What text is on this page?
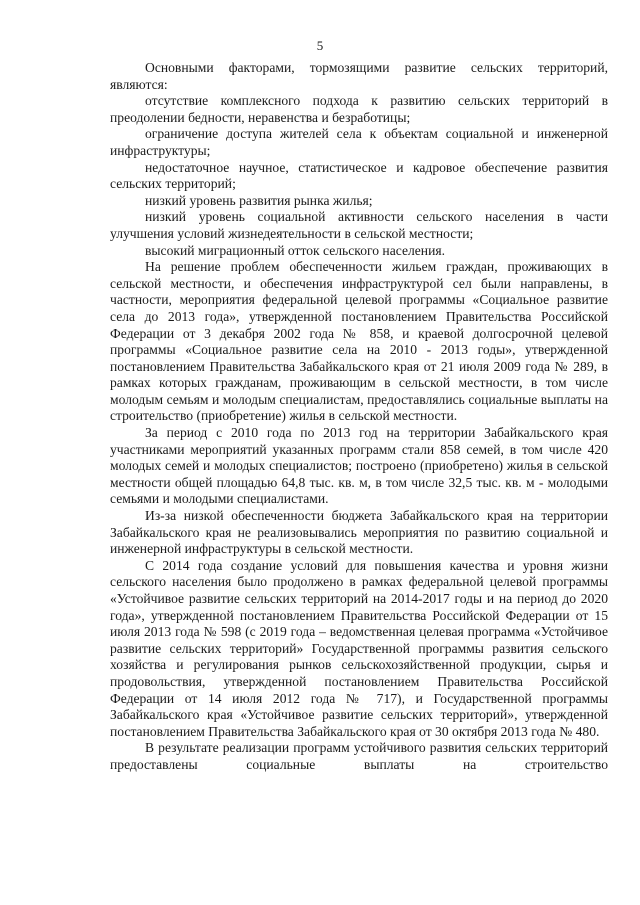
5

Основными факторами, тормозящими развитие сельских территорий, являются:

отсутствие комплексного подхода к развитию сельских территорий в преодолении бедности, неравенства и безработицы;

ограничение доступа жителей села к объектам социальной и инженерной инфраструктуры;

недостаточное научное, статистическое и кадровое обеспечение развития сельских территорий;

низкий уровень развития рынка жилья;

низкий уровень социальной активности сельского населения в части улучшения условий жизнедеятельности в сельской местности;

высокий миграционный отток сельского населения.

На решение проблем обеспеченности жильем граждан, проживающих в сельской местности, и обеспечения инфраструктурой сел были направлены, в частности, мероприятия федеральной целевой программы «Социальное развитие села до 2013 года», утвержденной постановлением Правительства Российской Федерации от 3 декабря 2002 года № 858, и краевой долгосрочной целевой программы «Социальное развитие села на 2010 - 2013 годы», утвержденной постановлением Правительства Забайкальского края от 21 июля 2009 года № 289, в рамках которых гражданам, проживающим в сельской местности, в том числе молодым семьям и молодым специалистам, предоставлялись социальные выплаты на строительство (приобретение) жилья в сельской местности.

За период с 2010 года по 2013 год на территории Забайкальского края участниками мероприятий указанных программ стали 858 семей, в том числе 420 молодых семей и молодых специалистов; построено (приобретено) жилья в сельской местности общей площадью 64,8 тыс. кв. м, в том числе 32,5 тыс. кв. м - молодыми семьями и молодыми специалистами.

Из-за низкой обеспеченности бюджета Забайкальского края на территории Забайкальского края не реализовывались мероприятия по развитию социальной и инженерной инфраструктуры в сельской местности.

С 2014 года создание условий для повышения качества и уровня жизни сельского населения было продолжено в рамках федеральной целевой программы «Устойчивое развитие сельских территорий на 2014-2017 годы и на период до 2020 года», утвержденной постановлением Правительства Российской Федерации от 15 июля 2013 года № 598 (с 2019 года – ведомственная целевая программа «Устойчивое развитие сельских территорий» Государственной программы развития сельского хозяйства и регулирования рынков сельскохозяйственной продукции, сырья и продовольствия, утвержденной постановлением Правительства Российской Федерации от 14 июля 2012 года № 717), и Государственной программы Забайкальского края «Устойчивое развитие сельских территорий», утвержденной постановлением Правительства Забайкальского края от 30 октября 2013 года № 480.

В результате реализации программ устойчивого развития сельских территорий предоставлены социальные выплаты на строительство
